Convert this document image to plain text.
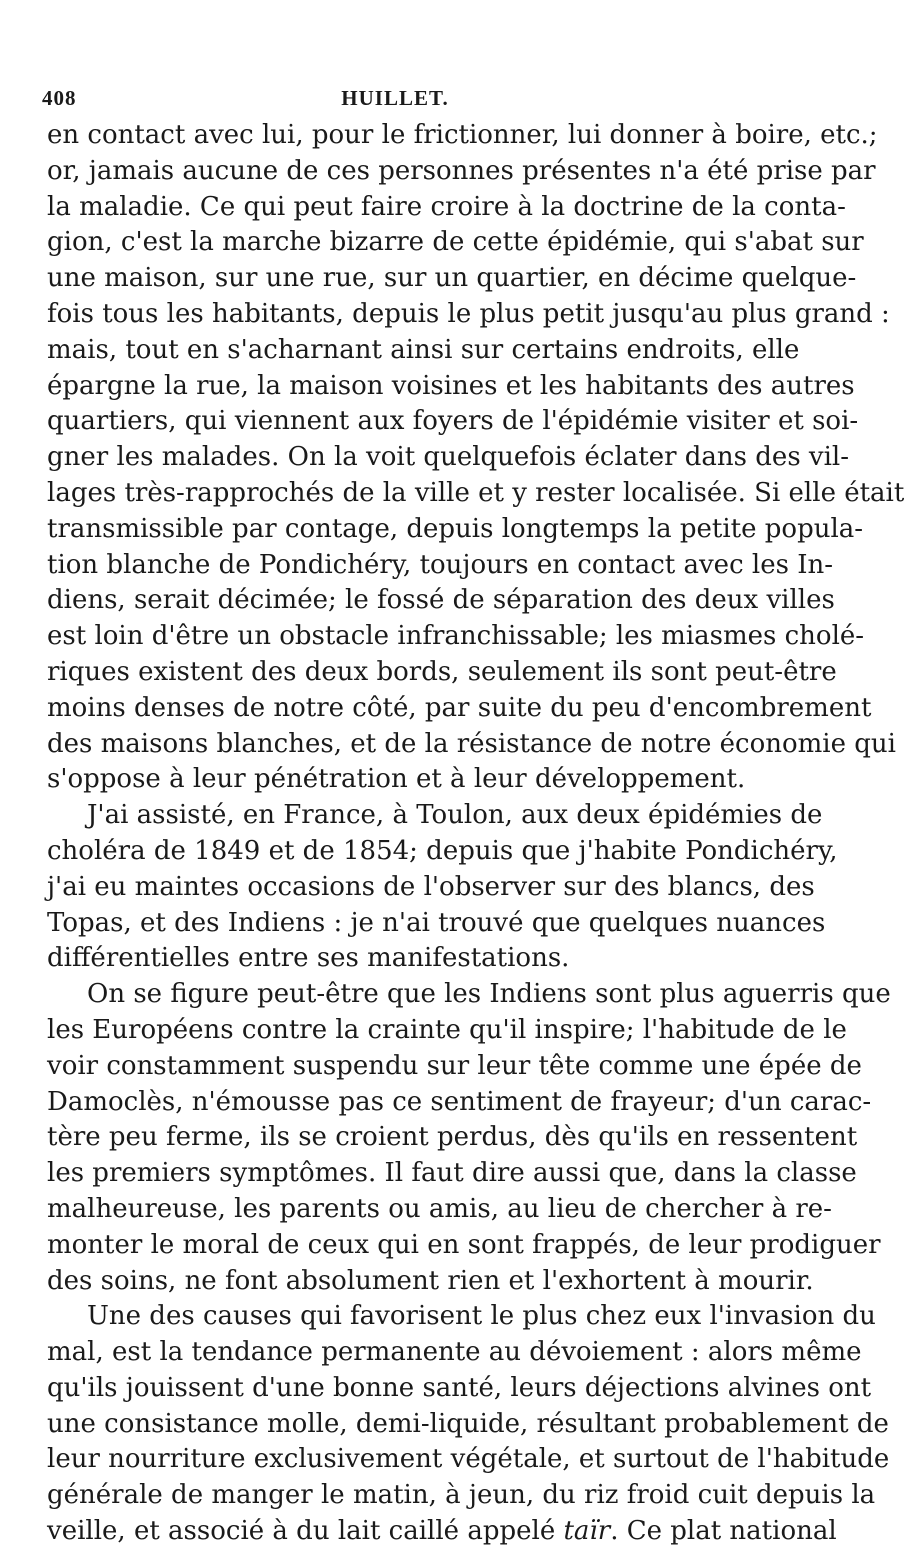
408	HUILLET.
en contact avec lui, pour le frictionner, lui donner à boire, etc.;
or, jamais aucune de ces personnes présentes n'a été prise par
la maladie. Ce qui peut faire croire à la doctrine de la conta-
gion, c'est la marche bizarre de cette épidémie, qui s'abat sur
une maison, sur une rue, sur un quartier, en décime quelque-
fois tous les habitants, depuis le plus petit jusqu'au plus grand :
mais, tout en s'acharnant ainsi sur certains endroits, elle
épargne la rue, la maison voisines et les habitants des autres
quartiers, qui viennent aux foyers de l'épidémie visiter et soi-
gner les malades. On la voit quelquefois éclater dans des vil-
lages très-rapprochés de la ville et y rester localisée. Si elle était
transmissible par contage, depuis longtemps la petite popula-
tion blanche de Pondichéry, toujours en contact avec les In-
diens, serait décimée; le fossé de séparation des deux villes
est loin d'être un obstacle infranchissable; les miasmes cholé-
riques existent des deux bords, seulement ils sont peut-être
moins denses de notre côté, par suite du peu d'encombrement
des maisons blanches, et de la résistance de notre économie qui
s'oppose à leur pénétration et à leur développement.
J'ai assisté, en France, à Toulon, aux deux épidémies de
choléra de 1849 et de 1854; depuis que j'habite Pondichéry,
j'ai eu maintes occasions de l'observer sur des blancs, des
Topas, et des Indiens : je n'ai trouvé que quelques nuances
différentielles entre ses manifestations.
On se figure peut-être que les Indiens sont plus aguerris que
les Européens contre la crainte qu'il inspire; l'habitude de le
voir constamment suspendu sur leur tête comme une épée de
Damoclès, n'émousse pas ce sentiment de frayeur; d'un carac-
tère peu ferme, ils se croient perdus, dès qu'ils en ressentent
les premiers symptômes. Il faut dire aussi que, dans la classe
malheureuse, les parents ou amis, au lieu de chercher à re-
monter le moral de ceux qui en sont frappés, de leur prodiguer
des soins, ne font absolument rien et l'exhortent à mourir.
Une des causes qui favorisent le plus chez eux l'invasion du
mal, est la tendance permanente au dévoiement : alors même
qu'ils jouissent d'une bonne santé, leurs déjections alvines ont
une consistance molle, demi-liquide, résultant probablement de
leur nourriture exclusivement végétale, et surtout de l'habitude
générale de manger le matin, à jeun, du riz froid cuit depuis la
veille, et associé à du lait caillé appelé taïr. Ce plat national
